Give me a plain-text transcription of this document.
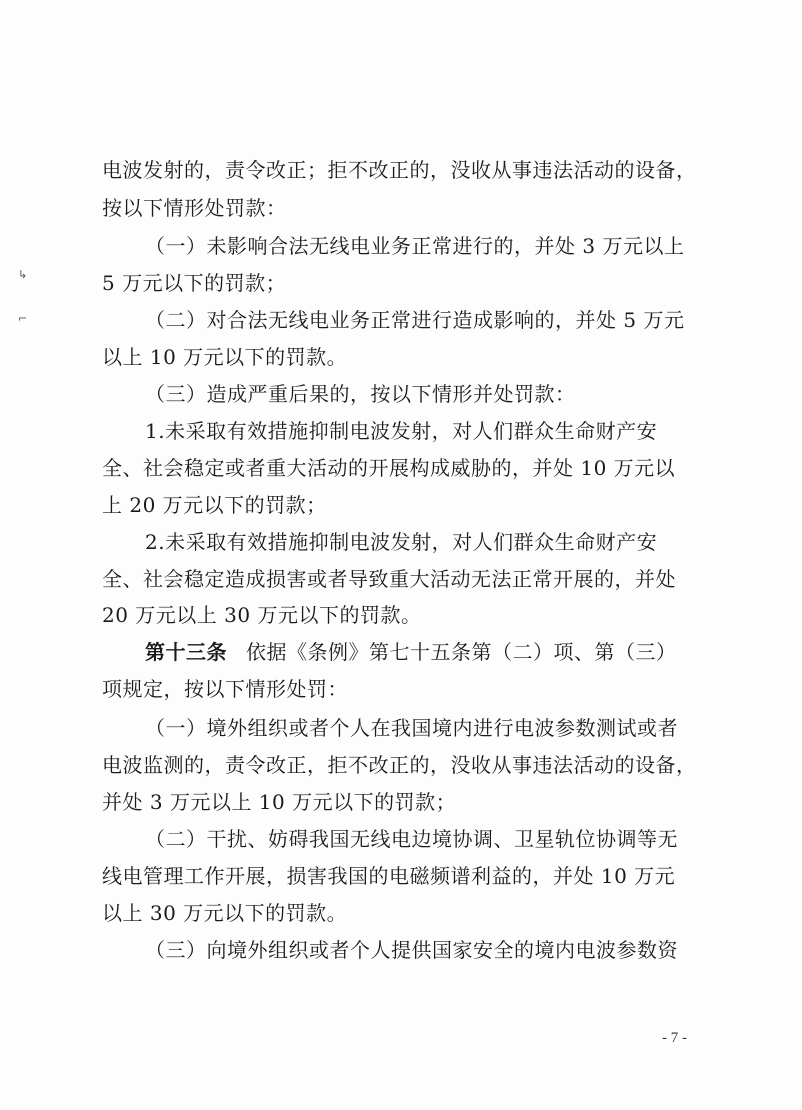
↳
⌐
电波发射的，责令改正；拒不改正的，没收从事违法活动的设备，
按以下情形处罚款：
（一）未影响合法无线电业务正常进行的，并处 3 万元以上
5 万元以下的罚款；
（二）对合法无线电业务正常进行造成影响的，并处 5 万元
以上 10 万元以下的罚款。
（三）造成严重后果的，按以下情形并处罚款：
1.未采取有效措施抑制电波发射，对人们群众生命财产安
全、社会稳定或者重大活动的开展构成威胁的，并处 10 万元以
上 20 万元以下的罚款；
2.未采取有效措施抑制电波发射，对人们群众生命财产安
全、社会稳定造成损害或者导致重大活动无法正常开展的，并处
20 万元以上 30 万元以下的罚款。
第十三条 依据《条例》第七十五条第（二）项、第（三）
项规定，按以下情形处罚：
（一）境外组织或者个人在我国境内进行电波参数测试或者
电波监测的，责令改正，拒不改正的，没收从事违法活动的设备，
并处 3 万元以上 10 万元以下的罚款；
（二）干扰、妨碍我国无线电边境协调、卫星轨位协调等无
线电管理工作开展，损害我国的电磁频谱利益的，并处 10 万元
以上 30 万元以下的罚款。
（三）向境外组织或者个人提供国家安全的境内电波参数资
- 7 -
